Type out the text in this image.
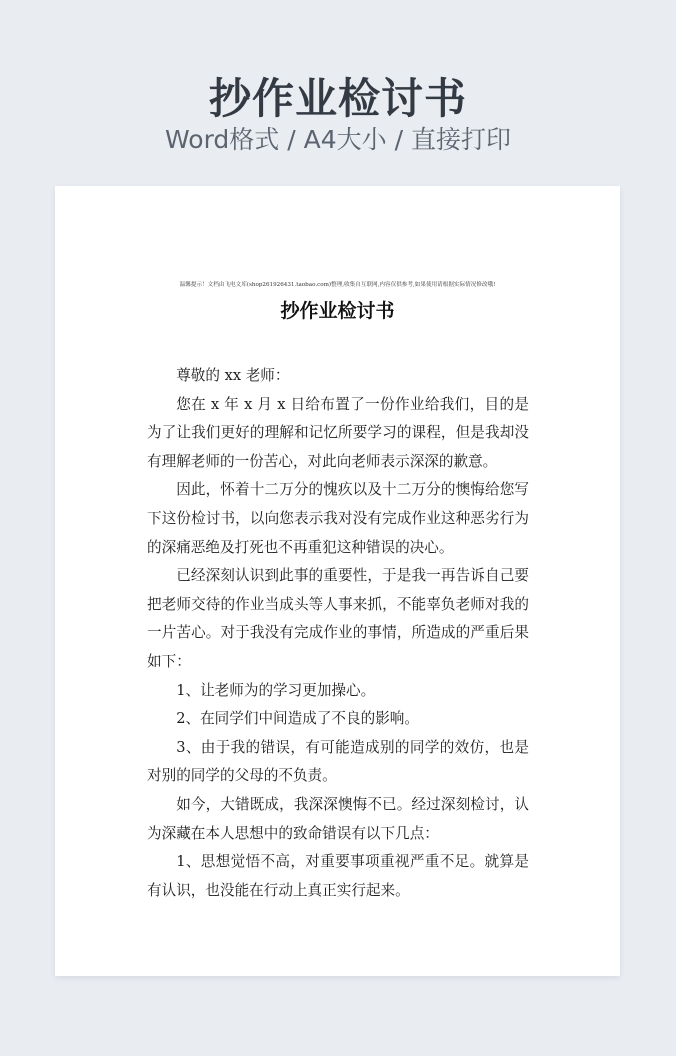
抄作业检讨书
Word格式 / A4大小 / 直接打印
温馨提示！文档由飞电文库(shop261926431.taobao.com)整理,收集自互联网,内容仅供参考,如果使用请根据实际情况修改哦!
抄作业检讨书

尊敬的 xx 老师：

您在 x 年 x 月 x 日给布置了一份作业给我们，目的是为了让我们更好的理解和记忆所要学习的课程，但是我却没有理解老师的一份苦心，对此向老师表示深深的歉意。

因此，怀着十二万分的愧疚以及十二万分的懊悔给您写下这份检讨书，以向您表示我对没有完成作业这种恶劣行为的深痛恶绝及打死也不再重犯这种错误的决心。

已经深刻认识到此事的重要性，于是我一再告诉自己要把老师交待的作业当成头等人事来抓，不能辜负老师对我的一片苦心。对于我没有完成作业的事情，所造成的严重后果如下：

1、让老师为的学习更加操心。

2、在同学们中间造成了不良的影响。

3、由于我的错误，有可能造成别的同学的效仿，也是对别的同学的父母的不负责。

如今，大错既成，我深深懊悔不已。经过深刻检讨，认为深藏在本人思想中的致命错误有以下几点：

1、思想觉悟不高，对重要事项重视严重不足。就算是有认识，也没能在行动上真正实行起来。
